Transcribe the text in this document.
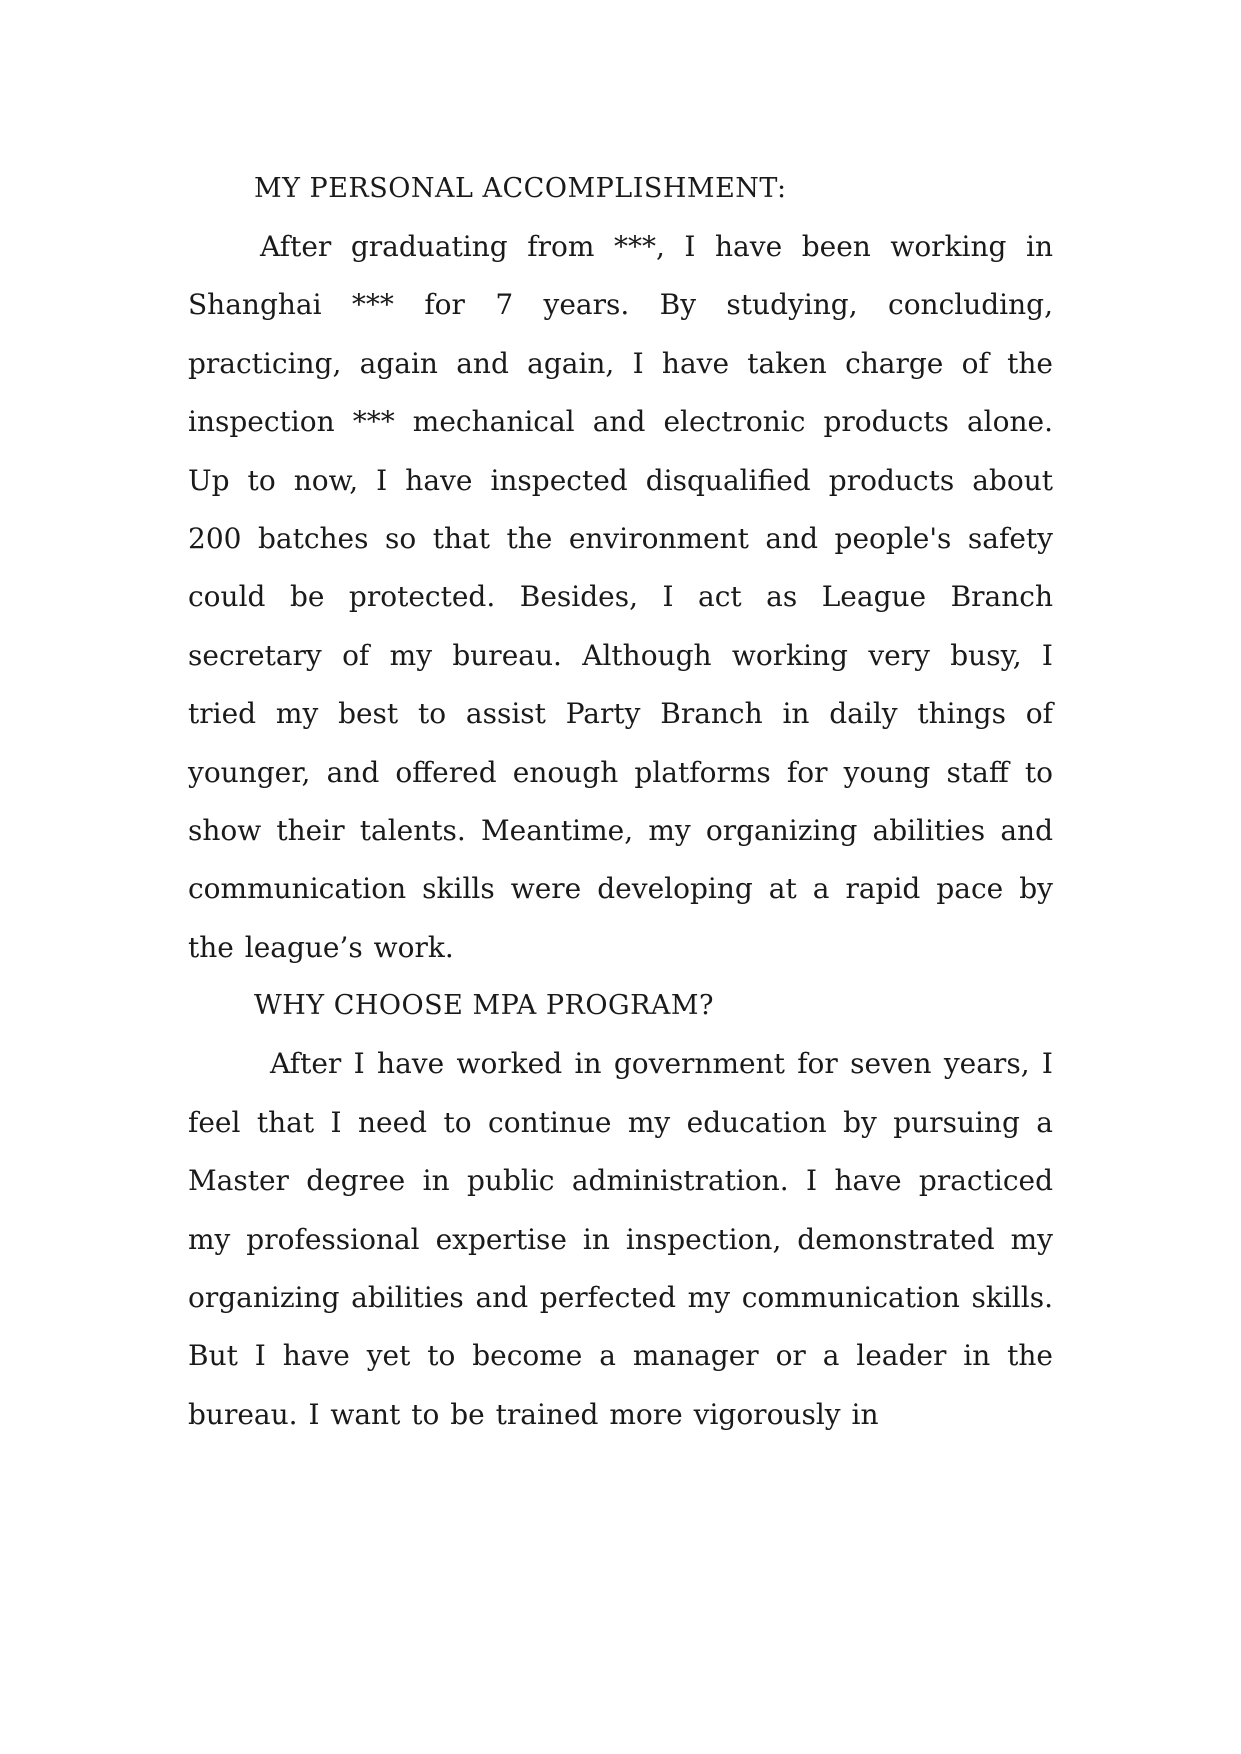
MY PERSONAL ACCOMPLISHMENT:

After graduating from ***, I have been working in Shanghai *** for 7 years. By studying, concluding, practicing, again and again, I have taken charge of the inspection *** mechanical and electronic products alone. Up to now, I have inspected disqualified products about 200 batches so that the environment and people's safety could be protected. Besides, I act as League Branch secretary of my bureau. Although working very busy, I tried my best to assist Party Branch in daily things of younger, and offered enough platforms for young staff to show their talents. Meantime, my organizing abilities and communication skills were developing at a rapid pace by the league’s work.

WHY CHOOSE MPA PROGRAM?

After I have worked in government for seven years, I feel that I need to continue my education by pursuing a Master degree in public administration. I have practiced my professional expertise in inspection, demonstrated my organizing abilities and perfected my communication skills. But I have yet to become a manager or a leader in the bureau. I want to be trained more vigorously in
